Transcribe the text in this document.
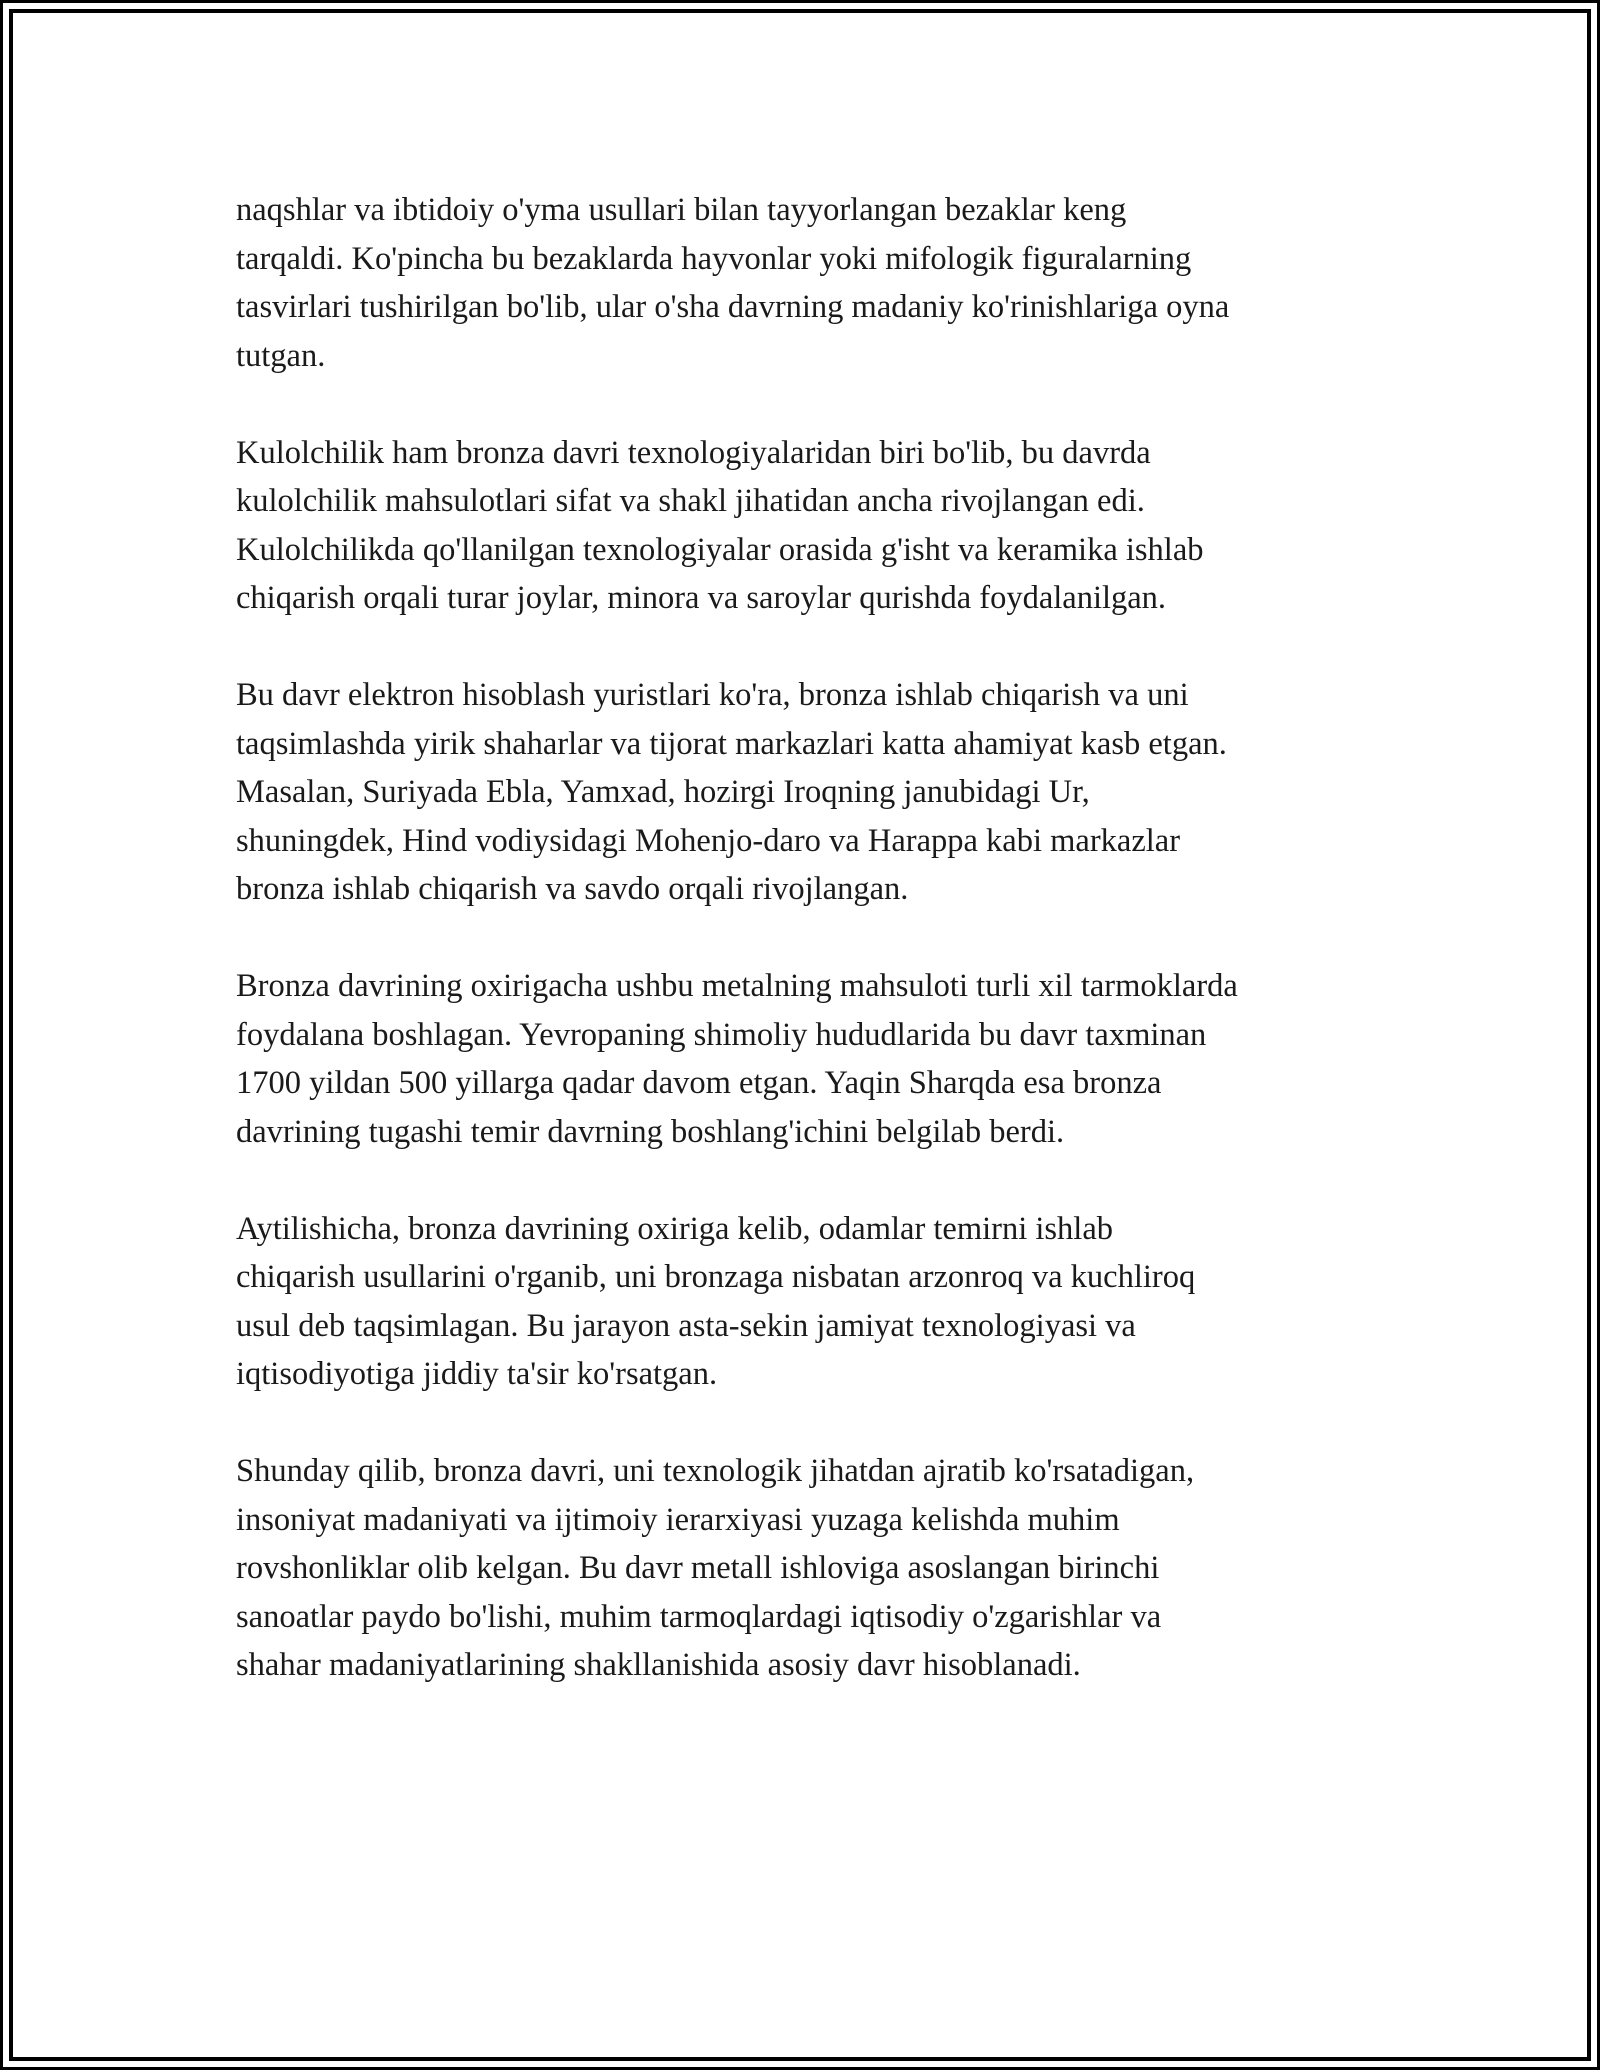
naqshlar va ibtidoiy o'yma usullari bilan tayyorlangan bezaklar keng
tarqaldi. Ko'pincha bu bezaklarda hayvonlar yoki mifologik figuralarning
tasvirlari tushirilgan bo'lib, ular o'sha davrning madaniy ko'rinishlariga oyna
tutgan.

Kulolchilik ham bronza davri texnologiyalaridan biri bo'lib, bu davrda
kulolchilik mahsulotlari sifat va shakl jihatidan ancha rivojlangan edi.
Kulolchilikda qo'llanilgan texnologiyalar orasida g'isht va keramika ishlab
chiqarish orqali turar joylar, minora va saroylar qurishda foydalanilgan.

Bu davr elektron hisoblash yuristlari ko'ra, bronza ishlab chiqarish va uni
taqsimlashda yirik shaharlar va tijorat markazlari katta ahamiyat kasb etgan.
Masalan, Suriyada Ebla, Yamxad, hozirgi Iroqning janubidagi Ur,
shuningdek, Hind vodiysidagi Mohenjo-daro va Harappa kabi markazlar
bronza ishlab chiqarish va savdo orqali rivojlangan.

Bronza davrining oxirigacha ushbu metalning mahsuloti turli xil tarmoklarda
foydalana boshlagan. Yevropaning shimoliy hududlarida bu davr taxminan
1700 yildan 500 yillarga qadar davom etgan. Yaqin Sharqda esa bronza
davrining tugashi temir davrning boshlang'ichini belgilab berdi.

Aytilishicha, bronza davrining oxiriga kelib, odamlar temirni ishlab
chiqarish usullarini o'rganib, uni bronzaga nisbatan arzonroq va kuchliroq
usul deb taqsimlagan. Bu jarayon asta-sekin jamiyat texnologiyasi va
iqtisodiyotiga jiddiy ta'sir ko'rsatgan.

Shunday qilib, bronza davri, uni texnologik jihatdan ajratib ko'rsatadigan,
insoniyat madaniyati va ijtimoiy ierarxiyasi yuzaga kelishda muhim
rovshonliklar olib kelgan. Bu davr metall ishloviga asoslangan birinchi
sanoatlar paydo bo'lishi, muhim tarmoqlardagi iqtisodiy o'zgarishlar va
shahar madaniyatlarining shakllanishida asosiy davr hisoblanadi.
